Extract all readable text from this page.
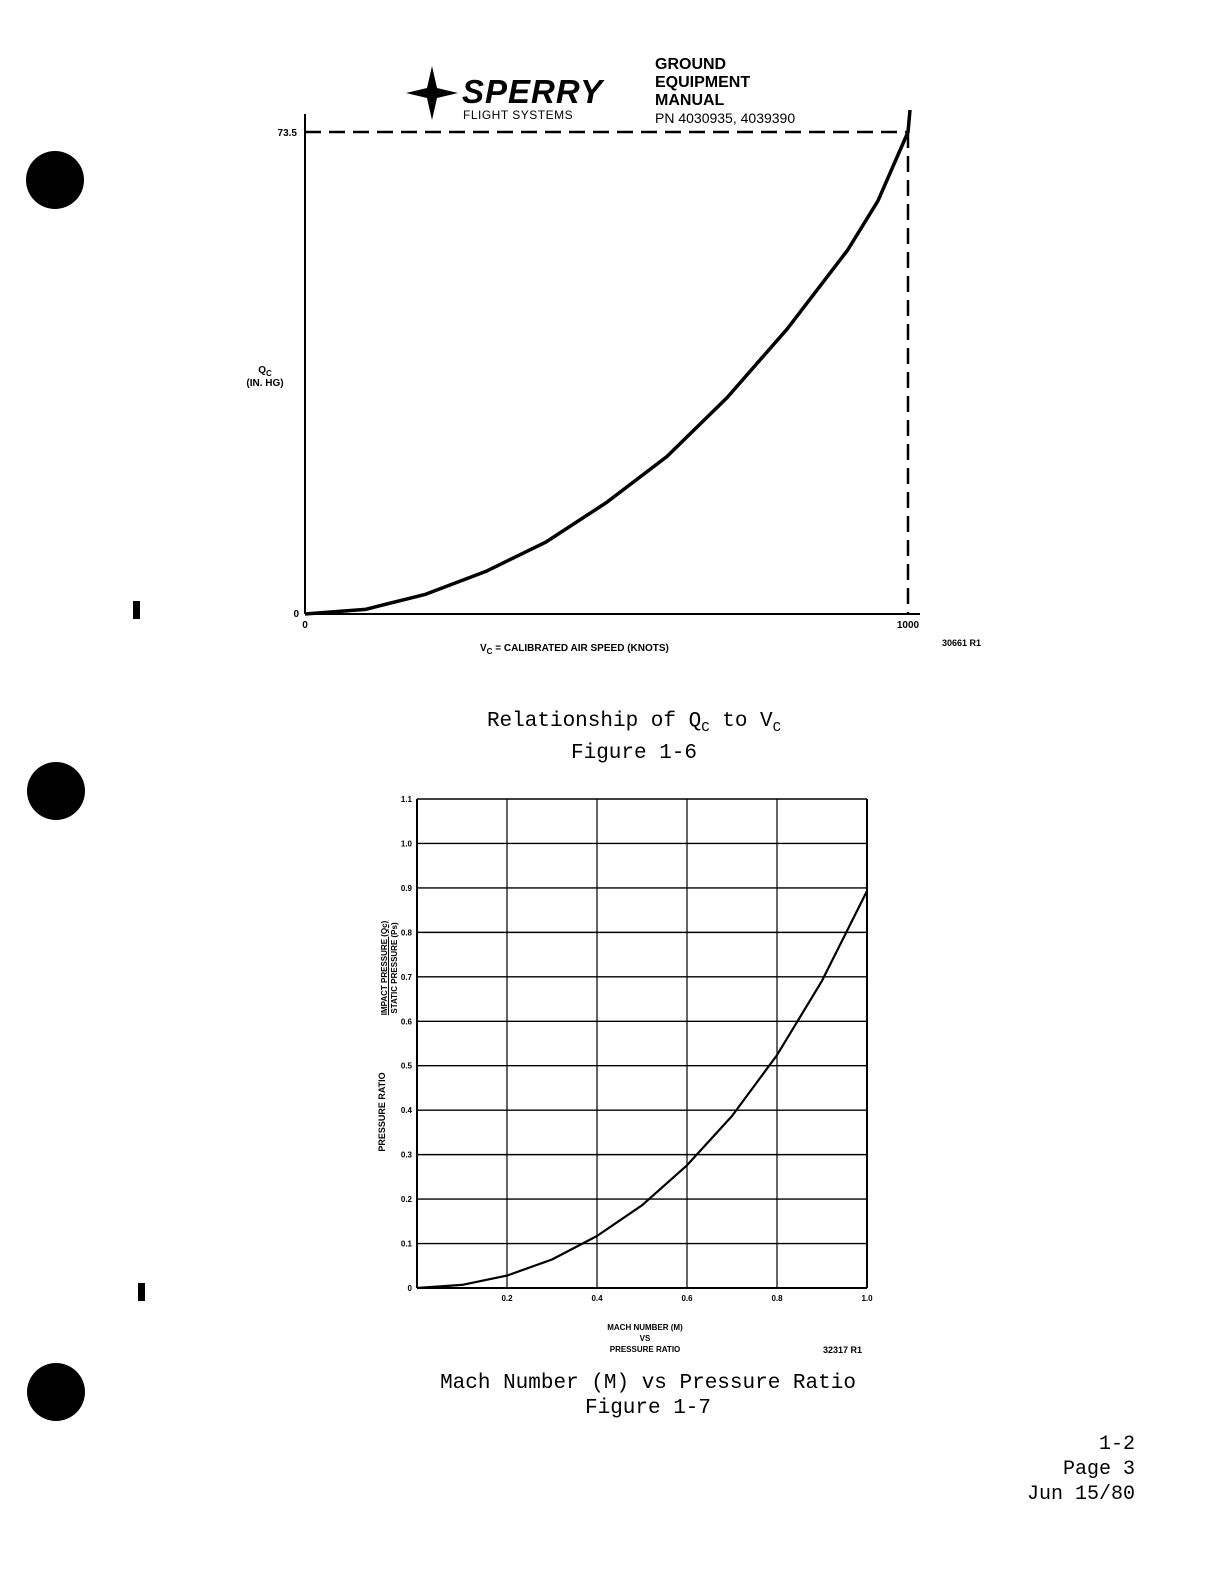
SPERRY
FLIGHT SYSTEMS
GROUND
EQUIPMENT
MANUAL
PN 4030935, 4039390
73.5
0
0	1000
$Q_C$
(IN. HG)
$V_C$ = CALIBRATED AIR SPEED (KNOTS)	30661 R1
Relationship of $Q_C$ to $V_C$
Figure 1-6
0
0.1
0.2
0.3
0.4
0.5
0.6
0.7
0.8
0.9
1.0
1.1
0.2	0.4	0.6	0.8	1.0
PRESSURE RATIO
IMPACT PRESSURE (Qc) STATIC PRESSURE (Ps)
MACH NUMBER (M)
VS
PRESSURE RATIO	32317 R1
Mach Number (M) vs Pressure Ratio
Figure 1-7
1-2
Page 3
Jun 15/80
